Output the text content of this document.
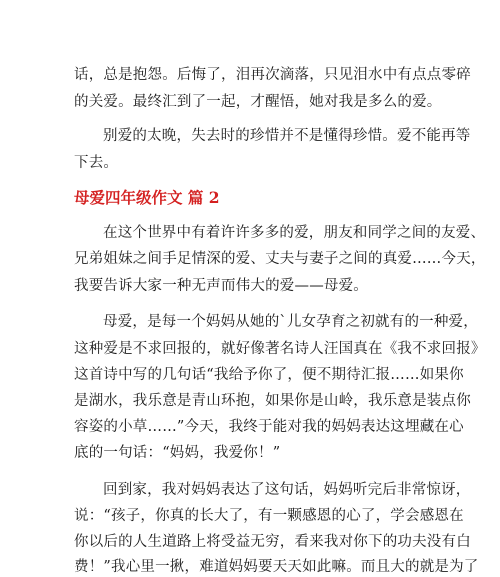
话，总是抱怨。后悔了，泪再次滴落，只见泪水中有点点零碎
的关爱。最终汇到了一起，才醒悟，她对我是多么的爱。
别爱的太晚，失去时的珍惜并不是懂得珍惜。爱不能再等
下去。
母爱四年级作文 篇 2
在这个世界中有着许许多多的爱，朋友和同学之间的友爱、
兄弟姐妹之间手足情深的爱、丈夫与妻子之间的真爱……今天，
我要告诉大家一种无声而伟大的爱——母爱。
母爱，是每一个妈妈从她的`儿女孕育之初就有的一种爱，
这种爱是不求回报的，就好像著名诗人汪国真在《我不求回报》
这首诗中写的几句话“我给予你了，便不期待汇报……如果你
是湖水，我乐意是青山环抱，如果你是山岭，我乐意是装点你
容姿的小草……”今天，我终于能对我的妈妈表达这埋藏在心
底的一句话：“妈妈，我爱你！”
回到家，我对妈妈表达了这句话，妈妈听完后非常惊讶，
说：“孩子，你真的长大了，有一颗感恩的心了，学会感恩在
你以后的人生道路上将受益无穷，看来我对你下的功夫没有白
费！”我心里一揪，难道妈妈要天天如此嘛。而且大的就是为了
